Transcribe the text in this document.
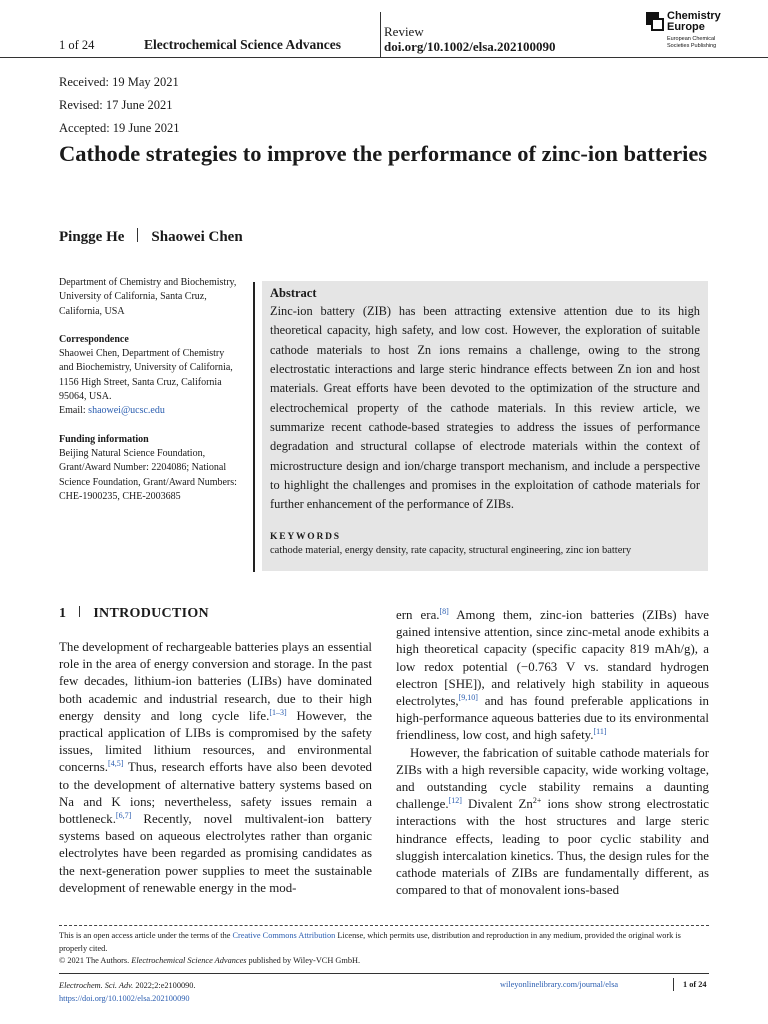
1 of 24	Electrochemical Science Advances
Review
doi.org/10.1002/elsa.202100090
Chemistry
Europe
European Chemical
Societies Publishing
Received: 19 May 2021
Revised: 17 June 2021
Accepted: 19 June 2021
Cathode strategies to improve the performance of zinc-ion batteries
Pingge He Shaowei Chen

Department of Chemistry and Biochemistry, University of California, Santa Cruz, California, USA

Correspondence
Shaowei Chen, Department of Chemistry and Biochemistry, University of California, 1156 High Street, Santa Cruz, California 95064, USA.
Email: shaowei@ucsc.edu

Funding information
Beijing Natural Science Foundation, Grant/Award Number: 2204086; National Science Foundation, Grant/Award Numbers: CHE-1900235, CHE-2003685

Abstract
Zinc-ion battery (ZIB) has been attracting extensive attention due to its high theoretical capacity, high safety, and low cost. However, the exploration of suitable cathode materials to host Zn ions remains a challenge, owing to the strong electrostatic interactions and large steric hindrance effects between Zn ion and host materials. Great efforts have been devoted to the optimization of the structure and electrochemical property of the cathode materials. In this review article, we summarize recent cathode-based strategies to address the issues of performance degradation and structural collapse of electrode materials within the context of microstructure design and ion/charge transport mechanism, and include a perspective to highlight the challenges and promises in the exploitation of cathode materials for further enhancement of the performance of ZIBs.
KEYWORDS
cathode material, energy density, rate capacity, structural engineering, zinc ion battery
1 INTRODUCTION

The development of rechargeable batteries plays an essential role in the area of energy conversion and storage. In the past few decades, lithium-ion batteries (LIBs) have dominated both academic and industrial research, due to their high energy density and long cycle life.[1–3] However, the practical application of LIBs is compromised by the safety issues, limited lithium resources, and environmental concerns.[4,5] Thus, research efforts have also been devoted to the development of alternative battery systems based on Na and K ions; nevertheless, safety issues remain a bottleneck.[6,7] Recently, novel multivalent-ion battery systems based on aqueous electrolytes rather than organic electrolytes have been regarded as promising candidates as the next-generation power supplies to meet the sustainable development of renewable energy in the mod-

ern era.[8] Among them, zinc-ion batteries (ZIBs) have gained intensive attention, since zinc-metal anode exhibits a high theoretical capacity (specific capacity 819 mAh/g), a low redox potential (−0.763 V vs. standard hydrogen electron [SHE]), and relatively high stability in aqueous electrolytes,[9,10] and has found preferable applications in high-performance aqueous batteries due to its environmental friendliness, low cost, and high safety.[11]

However, the fabrication of suitable cathode materials for ZIBs with a high reversible capacity, wide working voltage, and outstanding cycle stability remains a daunting challenge.[12] Divalent $Zn^{2+}$ ions show strong electrostatic interactions with the host structures and large steric hindrance effects, leading to poor cyclic stability and sluggish intercalation kinetics. Thus, the design rules for the cathode materials of ZIBs are fundamentally different, as compared to that of monovalent ions-based

This is an open access article under the terms of the Creative Commons Attribution License, which permits use, distribution and reproduction in any medium, provided the original work is properly cited.
© 2021 The Authors. Electrochemical Science Advances published by Wiley-VCH GmbH.
Electrochem. Sci. Adv. 2022;2:e2100090.
https://doi.org/10.1002/elsa.202100090
wileyonlinelibrary.com/journal/elsa	1 of 24
